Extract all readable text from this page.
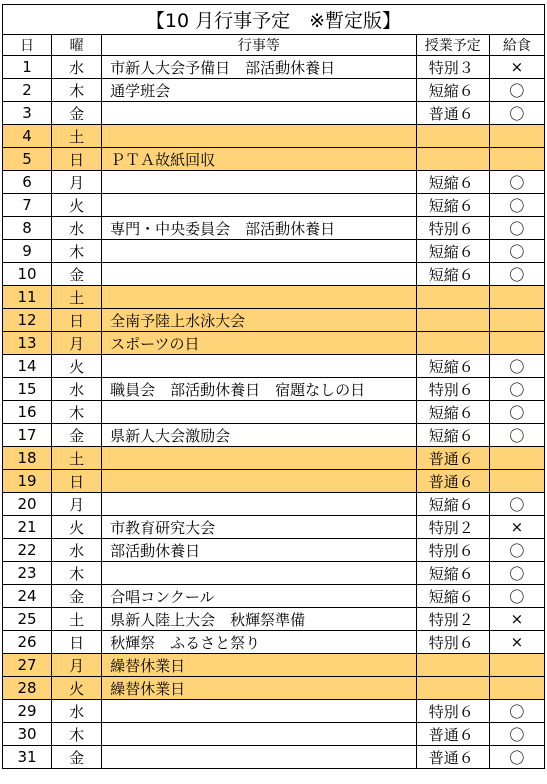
【10 月行事予定　※暫定版】				
日	曜	行事等	授業予定	給食
1	水	市新人大会予備日　部活動休養日	特別３	×
2	木	通学班会	短縮６	〇
3	金		普通６	〇
4	土			
5	日	ＰＴＡ故紙回収		
6	月		短縮６	〇
7	火		短縮６	〇
8	水	専門・中央委員会　部活動休養日	特別６	〇
9	木		短縮６	〇
10	金		短縮６	〇
11	土			
12	日	全南予陸上水泳大会		
13	月	スポーツの日		
14	火		短縮６	〇
15	水	職員会　部活動休養日　宿題なしの日	特別６	〇
16	木		短縮６	〇
17	金	県新人大会激励会	短縮６	〇
18	土		普通６	
19	日		普通６	
20	月		短縮６	〇
21	火	市教育研究大会	特別２	×
22	水	部活動休養日	特別６	〇
23	木		短縮６	〇
24	金	合唱コンクール	短縮６	〇
25	土	県新人陸上大会　秋輝祭準備	特別２	×
26	日	秋輝祭　ふるさと祭り	特別６	×
27	月	繰替休業日		
28	火	繰替休業日		
29	水		特別６	〇
30	木		普通６	〇
31	金		普通６	〇
